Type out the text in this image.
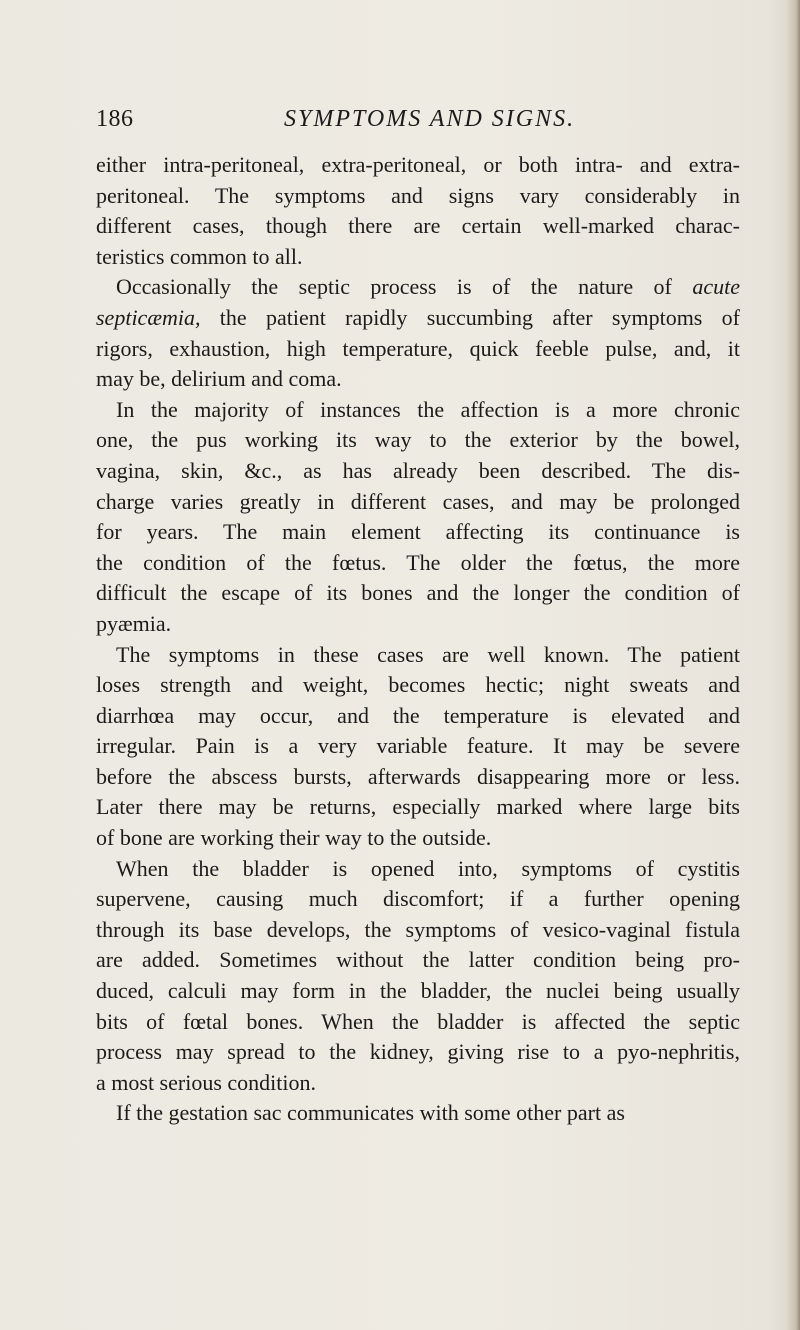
186	SYMPTOMS AND SIGNS.
either intra-peritoneal, extra-peritoneal, or both intra- and extra-
peritoneal. The symptoms and signs vary considerably in
different cases, though there are certain well-marked charac-
teristics common to all.
Occasionally the septic process is of the nature of acute
septicæmia, the patient rapidly succumbing after symptoms of
rigors, exhaustion, high temperature, quick feeble pulse, and, it
may be, delirium and coma.
In the majority of instances the affection is a more chronic
one, the pus working its way to the exterior by the bowel,
vagina, skin, &c., as has already been described. The dis-
charge varies greatly in different cases, and may be prolonged
for years. The main element affecting its continuance is
the condition of the fœtus. The older the fœtus, the more
difficult the escape of its bones and the longer the condition of
pyæmia.
The symptoms in these cases are well known. The patient
loses strength and weight, becomes hectic; night sweats and
diarrhœa may occur, and the temperature is elevated and
irregular. Pain is a very variable feature. It may be severe
before the abscess bursts, afterwards disappearing more or less.
Later there may be returns, especially marked where large bits
of bone are working their way to the outside.
When the bladder is opened into, symptoms of cystitis
supervene, causing much discomfort; if a further opening
through its base develops, the symptoms of vesico-vaginal fistula
are added. Sometimes without the latter condition being pro-
duced, calculi may form in the bladder, the nuclei being usually
bits of fœtal bones. When the bladder is affected the septic
process may spread to the kidney, giving rise to a pyo-nephritis,
a most serious condition.
If the gestation sac communicates with some other part as
